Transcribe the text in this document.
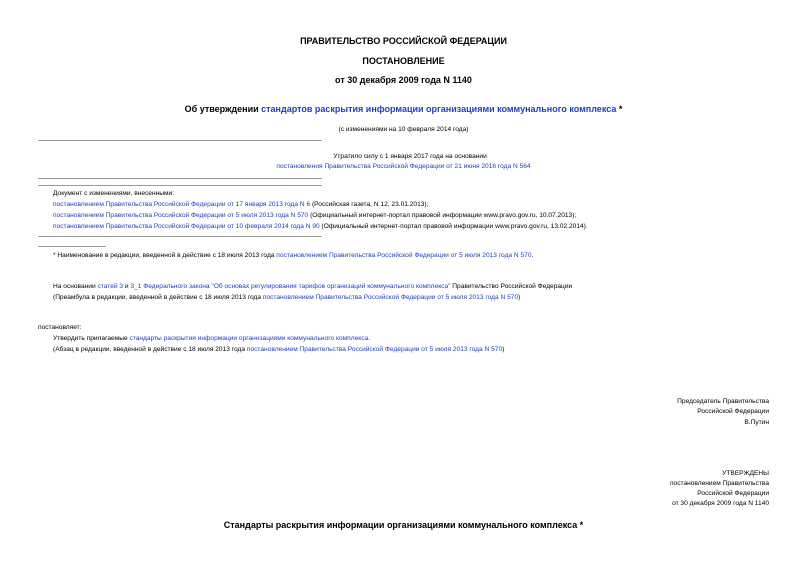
ПРАВИТЕЛЬСТВО РОССИЙСКОЙ ФЕДЕРАЦИИ
ПОСТАНОВЛЕНИЕ
от 30 декабря 2009 года N 1140
Об утверждении стандартов раскрытия информации организациями коммунального комплекса *
(с изменениями на 10 февраля 2014 года)
Утратило силу с 1 января 2017 года на основании
постановления Правительства Российской Федерации от 21 июня 2016 года N 564
Документ с изменениями, внесенными:
постановлением Правительства Российской Федерации от 17 января 2013 года N 6 (Российская газета, N 12, 23.01.2013);
постановлением Правительства Российской Федерации от 5 июля 2013 года N 570 (Официальный интернет-портал правовой информации www.pravo.gov.ru, 10.07.2013);
постановлением Правительства Российской Федерации от 10 февраля 2014 года N 90 (Официальный интернет-портал правовой информации www.pravo.gov.ru, 13.02.2014).
* Наименование в редакции, введенной в действие с 18 июля 2013 года постановлением Правительства Российской Федерации от 5 июля 2013 года N 570.
На основании статей 3 и 3_1 Федерального закона "Об основах регулирования тарифов организаций коммунального комплекса" Правительство Российской Федерации
(Преамбула в редакции, введенной в действие с 18 июля 2013 года постановлением Правительства Российской Федерации от 5 июля 2013 года N 570)
постановляет:
Утвердить прилагаемые стандарты раскрытия информации организациями коммунального комплекса.
(Абзац в редакции, введенной в действие с 18 июля 2013 года постановлением Правительства Российской Федерации от 5 июля 2013 года N 570)
Председатель Правительства
Российской Федерации
В.Путин
УТВЕРЖДЕНЫ
постановлением Правительства
Российской Федерации
от 30 декабря 2009 года N 1140
Стандарты раскрытия информации организациями коммунального комплекса *
